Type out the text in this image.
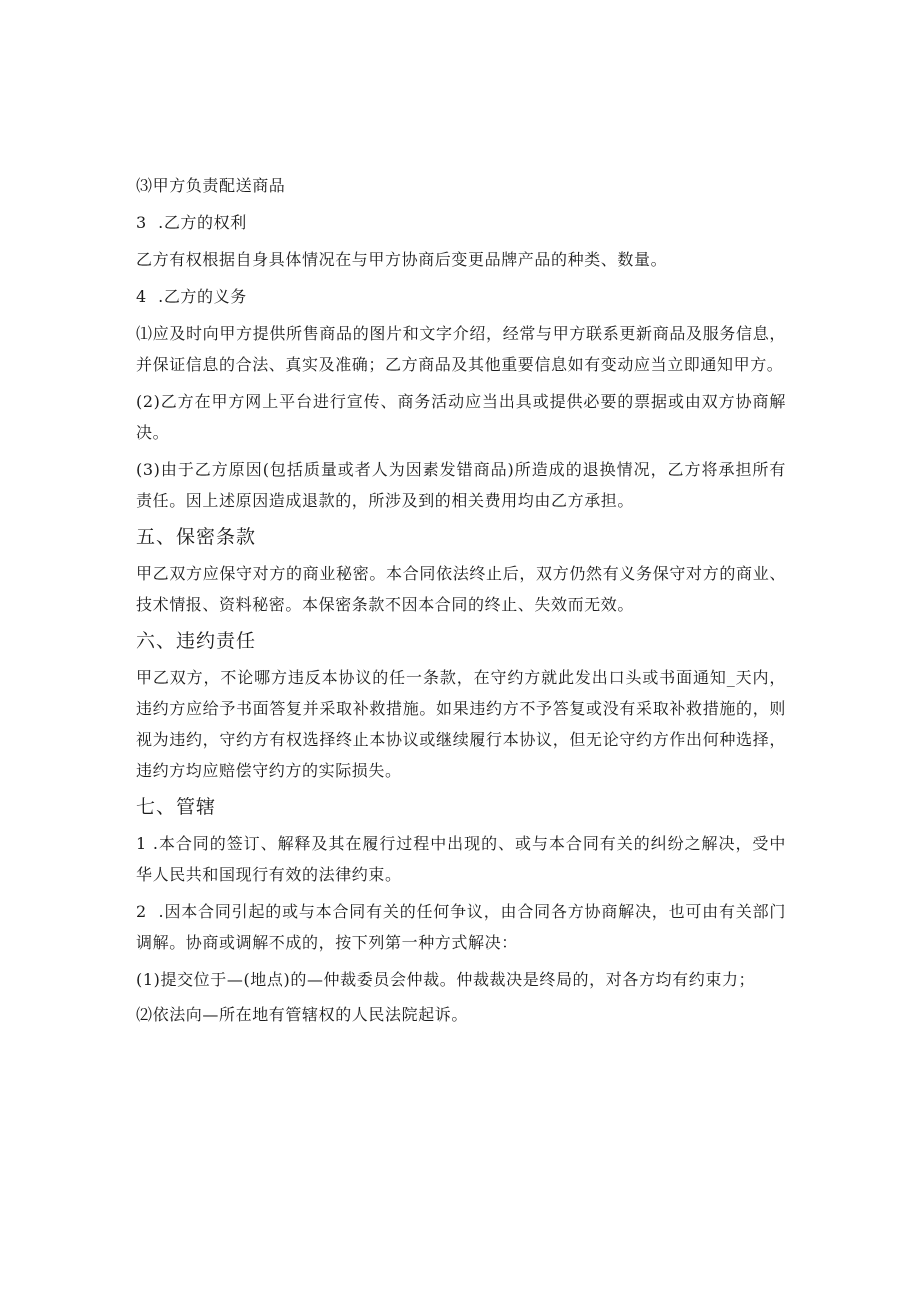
⑶甲方负责配送商品

3  .乙方的权利

乙方有权根据自身具体情况在与甲方协商后变更品牌产品的种类、数量。

4  .乙方的义务

⑴应及时向甲方提供所售商品的图片和文字介绍，经常与甲方联系更新商品及服务信息，并保证信息的合法、真实及准确；乙方商品及其他重要信息如有变动应当立即通知甲方。

(2)乙方在甲方网上平台进行宣传、商务活动应当出具或提供必要的票据或由双方协商解决。

(3)由于乙方原因(包括质量或者人为因素发错商品)所造成的退换情况，乙方将承担所有责任。因上述原因造成退款的，所涉及到的相关费用均由乙方承担。

五、保密条款

甲乙双方应保守对方的商业秘密。本合同依法终止后，双方仍然有义务保守对方的商业、技术情报、资料秘密。本保密条款不因本合同的终止、失效而无效。

六、违约责任

甲乙双方，不论哪方违反本协议的任一条款，在守约方就此发出口头或书面通知_天内，违约方应给予书面答复并采取补救措施。如果违约方不予答复或没有采取补救措施的，则视为违约，守约方有权选择终止本协议或继续履行本协议，但无论守约方作出何种选择，违约方均应赔偿守约方的实际损失。

七、管辖

1 .本合同的签订、解释及其在履行过程中出现的、或与本合同有关的纠纷之解决，受中华人民共和国现行有效的法律约束。

2  .因本合同引起的或与本合同有关的任何争议，由合同各方协商解决，也可由有关部门调解。协商或调解不成的，按下列第一种方式解决：

(1)提交位于—(地点)的—仲裁委员会仲裁。仲裁裁决是终局的，对各方均有约束力；

⑵依法向—所在地有管辖权的人民法院起诉。
